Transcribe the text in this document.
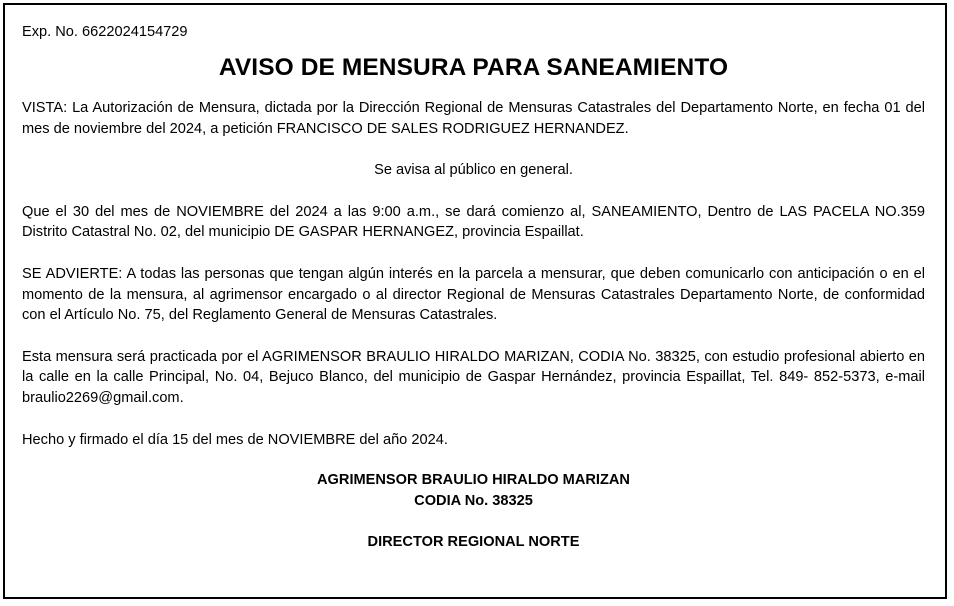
Exp. No. 6622024154729

AVISO DE MENSURA PARA SANEAMIENTO

VISTA: La Autorización de Mensura, dictada por la Dirección Regional de Mensuras Catastrales del Departamento Norte, en fecha 01 del mes de noviembre del 2024, a petición FRANCISCO DE SALES RODRIGUEZ HERNANDEZ.

Se avisa al público en general.

Que el 30 del mes de NOVIEMBRE del 2024 a las 9:00 a.m., se dará comienzo al, SANEAMIENTO, Dentro de LAS PACELA NO.359 Distrito Catastral No. 02, del municipio DE GASPAR HERNANGEZ, provincia Espaillat.

SE ADVIERTE: A todas las personas que tengan algún interés en la parcela a mensurar, que deben comunicarlo con anticipación o en el momento de la mensura, al agrimensor encargado o al director Regional de Mensuras Catastrales Departamento Norte, de conformidad con el Artículo No. 75, del Reglamento General de Mensuras Catastrales.

Esta mensura será practicada por el AGRIMENSOR BRAULIO HIRALDO MARIZAN, CODIA No. 38325, con estudio profesional abierto en la calle en la calle Principal, No. 04, Bejuco Blanco, del municipio de Gaspar Hernández, provincia Espaillat, Tel. 849- 852-5373, e-mail braulio2269@gmail.com.

Hecho y firmado el día 15 del mes de NOVIEMBRE del año 2024.

AGRIMENSOR BRAULIO HIRALDO MARIZAN

CODIA No. 38325

DIRECTOR REGIONAL NORTE
